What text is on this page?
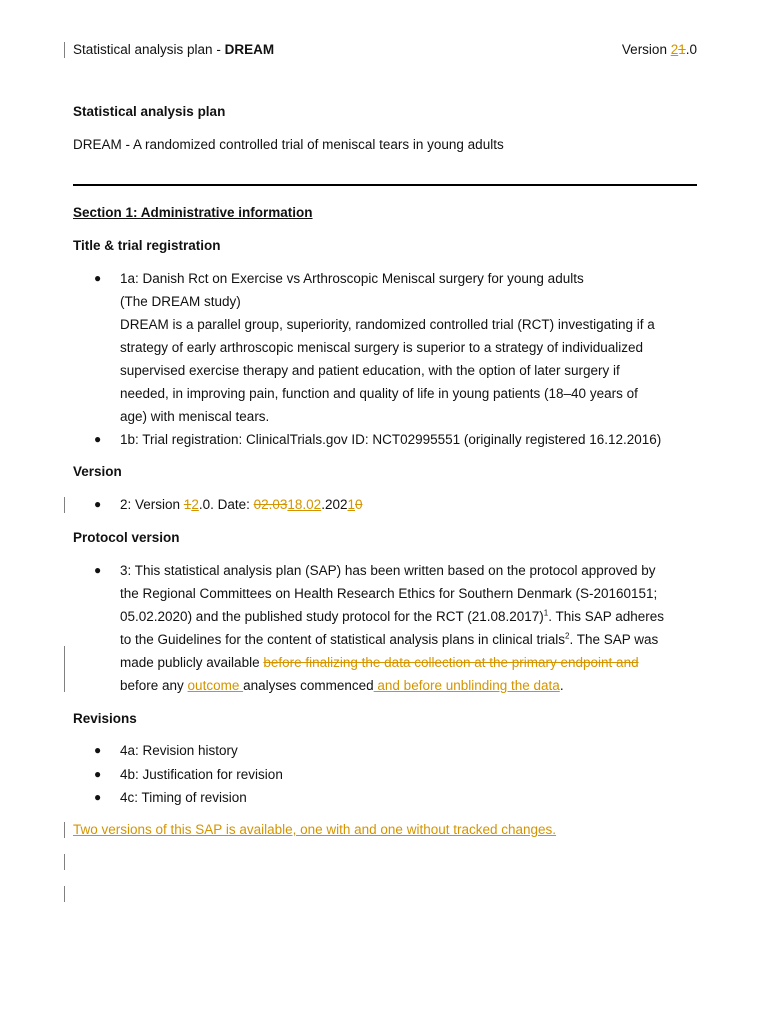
Statistical analysis plan - DREAM	Version 21.0
Statistical analysis plan
DREAM - A randomized controlled trial of meniscal tears in young adults
Section 1: Administrative information
Title & trial registration
● 1a: Danish Rct on Exercise vs Arthroscopic Meniscal surgery for young adults
(The DREAM study)
DREAM is a parallel group, superiority, randomized controlled trial (RCT) investigating if a
strategy of early arthroscopic meniscal surgery is superior to a strategy of individualized
supervised exercise therapy and patient education, with the option of later surgery if
needed, in improving pain, function and quality of life in young patients (18–40 years of
age) with meniscal tears.
● 1b: Trial registration: ClinicalTrials.gov ID: NCT02995551 (originally registered 16.12.2016)
Version
● 2: Version 12.0. Date: 02.0318.02.20210
Protocol version
● 3: This statistical analysis plan (SAP) has been written based on the protocol approved by
the Regional Committees on Health Research Ethics for Southern Denmark (S-20160151;
05.02.2020) and the published study protocol for the RCT $(21.08.2017)^1$. This SAP adheres
to the Guidelines for the content of statistical analysis plans in clinical trials$^2$. The SAP was
made publicly available before finalizing the data collection at the primary endpoint and
before any outcome analyses commenced and before unblinding the data.
Revisions
● 4a: Revision history
● 4b: Justification for revision
● 4c: Timing of revision
Two versions of this SAP is available, one with and one without tracked changes.
